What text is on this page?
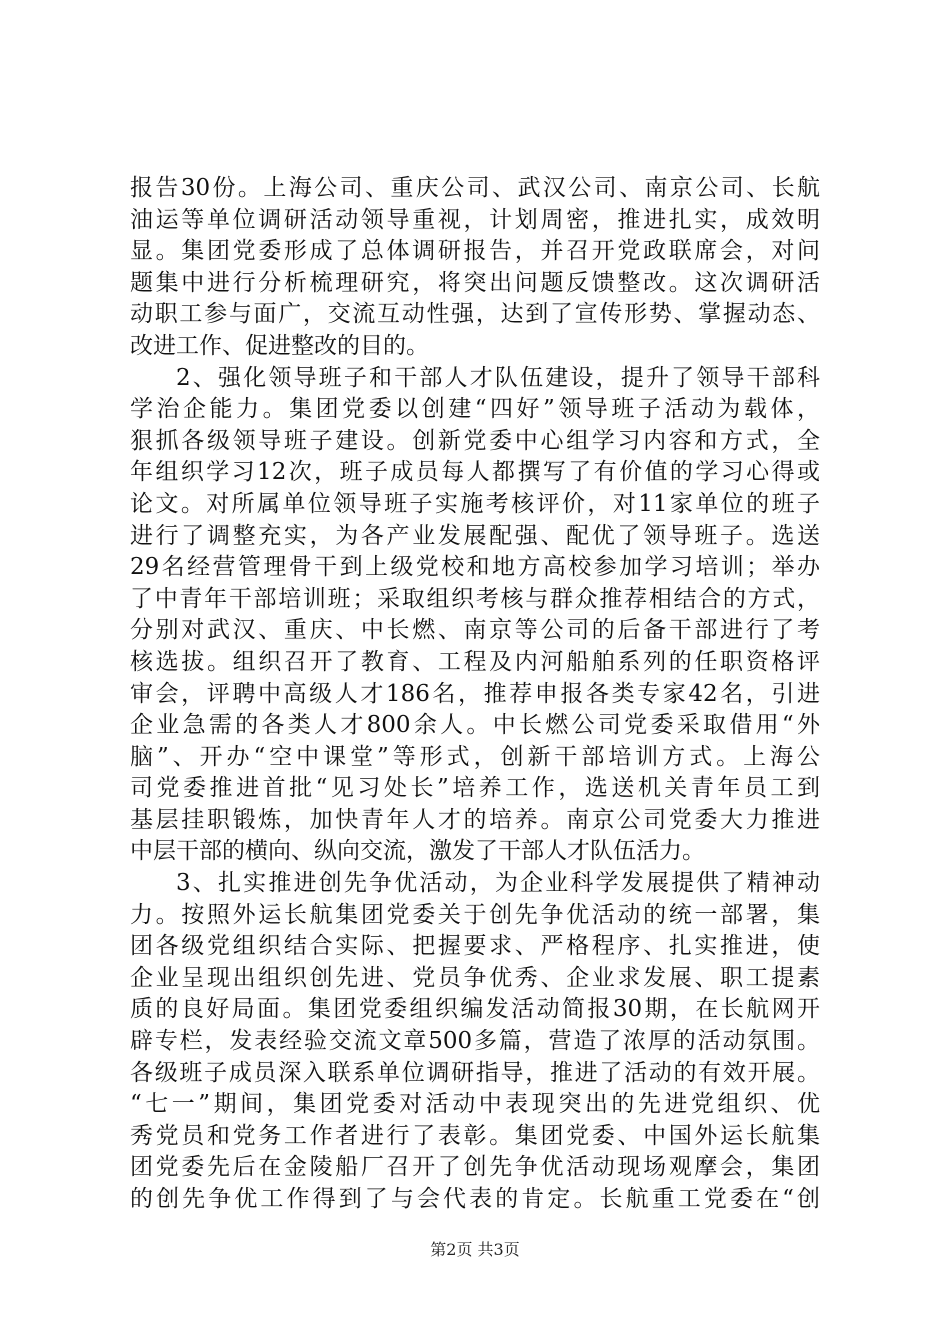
报告30份。上海公司、重庆公司、武汉公司、南京公司、长航
油运等单位调研活动领导重视，计划周密，推进扎实，成效明
显。集团党委形成了总体调研报告，并召开党政联席会，对问
题集中进行分析梳理研究，将突出问题反馈整改。这次调研活
动职工参与面广，交流互动性强，达到了宣传形势、掌握动态、
改进工作、促进整改的目的。
2、强化领导班子和干部人才队伍建设，提升了领导干部科
学治企能力。集团党委以创建“四好”领导班子活动为载体，
狠抓各级领导班子建设。创新党委中心组学习内容和方式，全
年组织学习12次，班子成员每人都撰写了有价值的学习心得或
论文。对所属单位领导班子实施考核评价，对11家单位的班子
进行了调整充实，为各产业发展配强、配优了领导班子。选送
29名经营管理骨干到上级党校和地方高校参加学习培训；举办
了中青年干部培训班；采取组织考核与群众推荐相结合的方式，
分别对武汉、重庆、中长燃、南京等公司的后备干部进行了考
核选拔。组织召开了教育、工程及内河船舶系列的任职资格评
审会，评聘中高级人才186名，推荐申报各类专家42名，引进
企业急需的各类人才800余人。中长燃公司党委采取借用“外
脑”、开办“空中课堂”等形式，创新干部培训方式。上海公
司党委推进首批“见习处长”培养工作，选送机关青年员工到
基层挂职锻炼，加快青年人才的培养。南京公司党委大力推进
中层干部的横向、纵向交流，激发了干部人才队伍活力。
3、扎实推进创先争优活动，为企业科学发展提供了精神动
力。按照外运长航集团党委关于创先争优活动的统一部署，集
团各级党组织结合实际、把握要求、严格程序、扎实推进，使
企业呈现出组织创先进、党员争优秀、企业求发展、职工提素
质的良好局面。集团党委组织编发活动简报30期，在长航网开
辟专栏，发表经验交流文章500多篇，营造了浓厚的活动氛围。
各级班子成员深入联系单位调研指导，推进了活动的有效开展。
“七一”期间，集团党委对活动中表现突出的先进党组织、优
秀党员和党务工作者进行了表彰。集团党委、中国外运长航集
团党委先后在金陵船厂召开了创先争优活动现场观摩会，集团
的创先争优工作得到了与会代表的肯定。长航重工党委在“创
第2页 共3页
